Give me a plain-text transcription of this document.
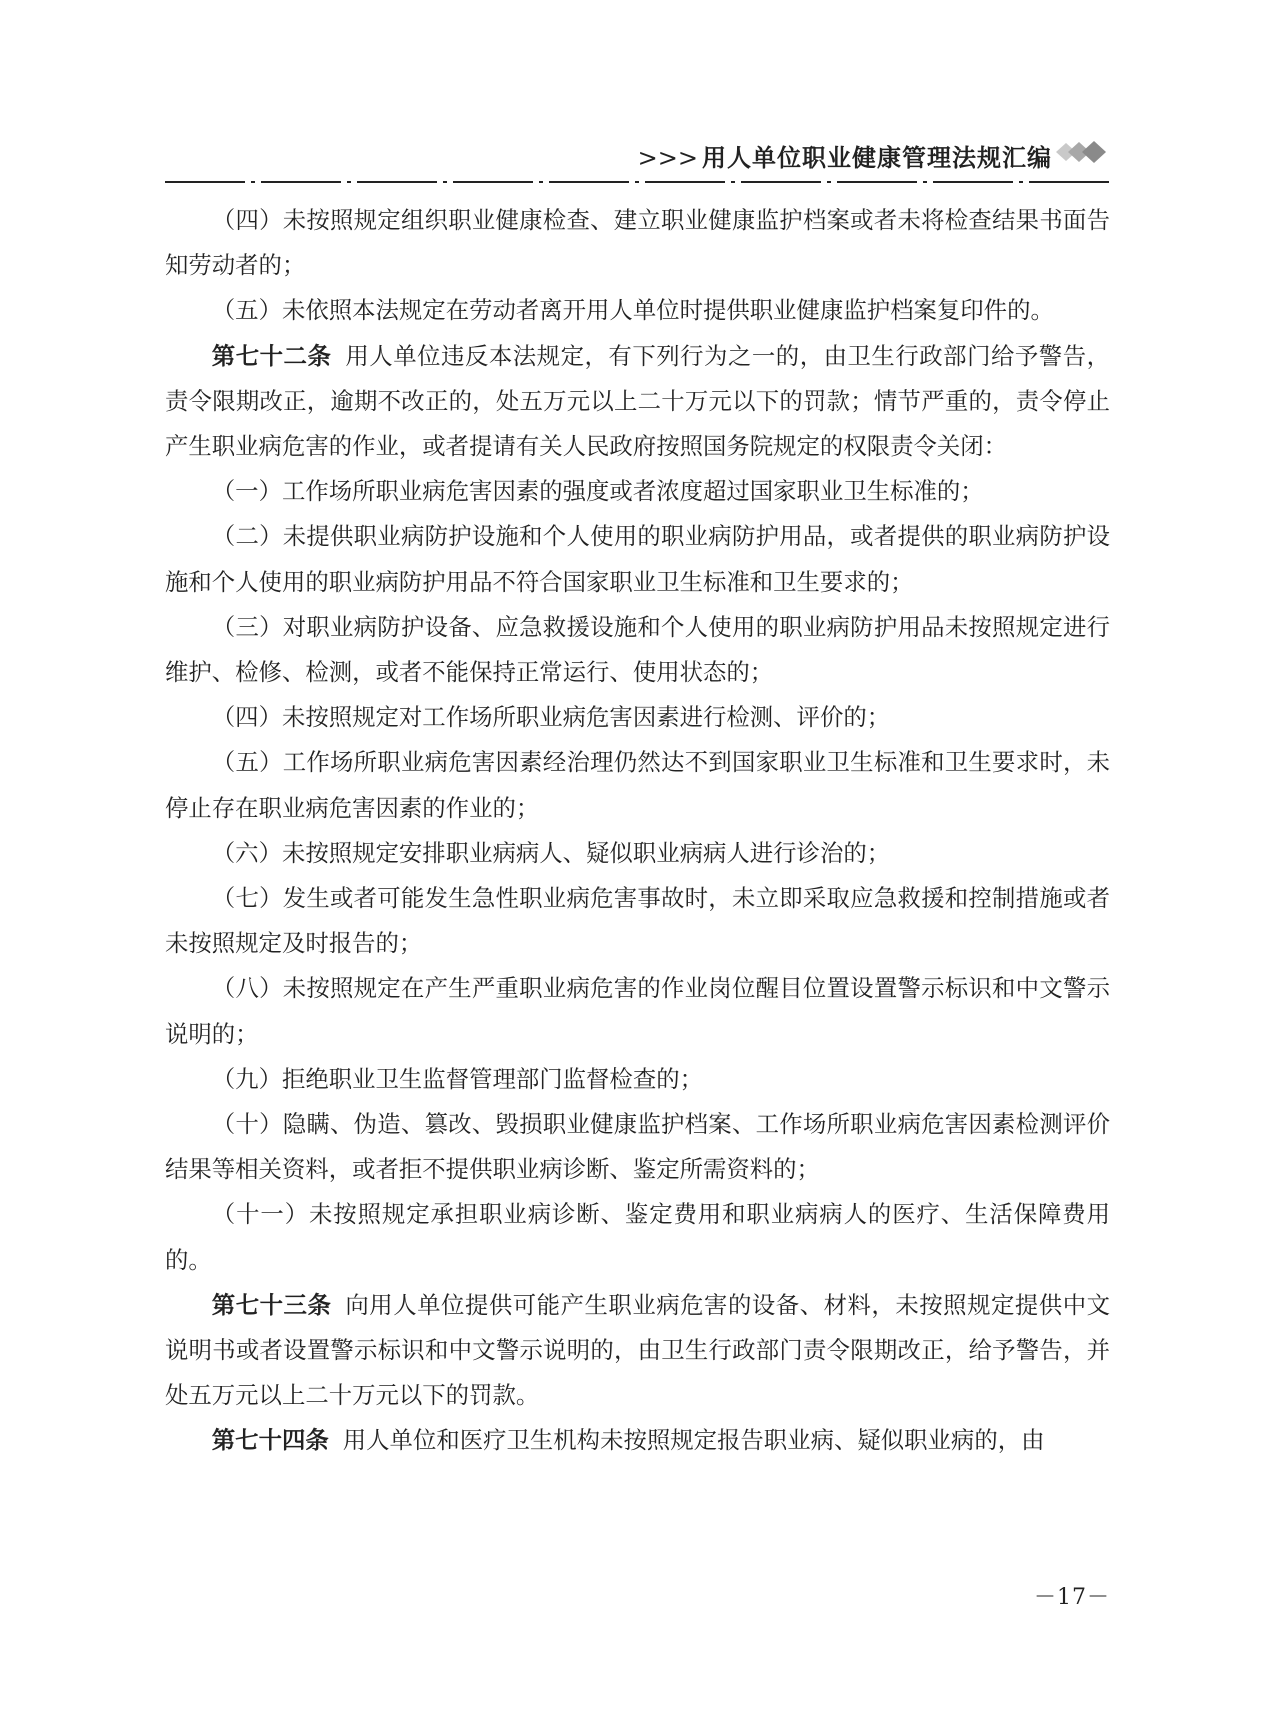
>>> 用人单位职业健康管理法规汇编

（四）未按照规定组织职业健康检查、建立职业健康监护档案或者未将检查结果书面告知劳动者的；

（五）未依照本法规定在劳动者离开用人单位时提供职业健康监护档案复印件的。

第七十二条 用人单位违反本法规定，有下列行为之一的，由卫生行政部门给予警告，责令限期改正，逾期不改正的，处五万元以上二十万元以下的罚款；情节严重的，责令停止产生职业病危害的作业，或者提请有关人民政府按照国务院规定的权限责令关闭：

（一）工作场所职业病危害因素的强度或者浓度超过国家职业卫生标准的；

（二）未提供职业病防护设施和个人使用的职业病防护用品，或者提供的职业病防护设施和个人使用的职业病防护用品不符合国家职业卫生标准和卫生要求的；

（三）对职业病防护设备、应急救援设施和个人使用的职业病防护用品未按照规定进行维护、检修、检测，或者不能保持正常运行、使用状态的；

（四）未按照规定对工作场所职业病危害因素进行检测、评价的；

（五）工作场所职业病危害因素经治理仍然达不到国家职业卫生标准和卫生要求时，未停止存在职业病危害因素的作业的；

（六）未按照规定安排职业病病人、疑似职业病病人进行诊治的；

（七）发生或者可能发生急性职业病危害事故时，未立即采取应急救援和控制措施或者未按照规定及时报告的；

（八）未按照规定在产生严重职业病危害的作业岗位醒目位置设置警示标识和中文警示说明的；

（九）拒绝职业卫生监督管理部门监督检查的；

（十）隐瞒、伪造、篡改、毁损职业健康监护档案、工作场所职业病危害因素检测评价结果等相关资料，或者拒不提供职业病诊断、鉴定所需资料的；

（十一）未按照规定承担职业病诊断、鉴定费用和职业病病人的医疗、生活保障费用的。

第七十三条 向用人单位提供可能产生职业病危害的设备、材料，未按照规定提供中文说明书或者设置警示标识和中文警示说明的，由卫生行政部门责令限期改正，给予警告，并处五万元以上二十万元以下的罚款。

第七十四条 用人单位和医疗卫生机构未按照规定报告职业病、疑似职业病的，由

－17－
